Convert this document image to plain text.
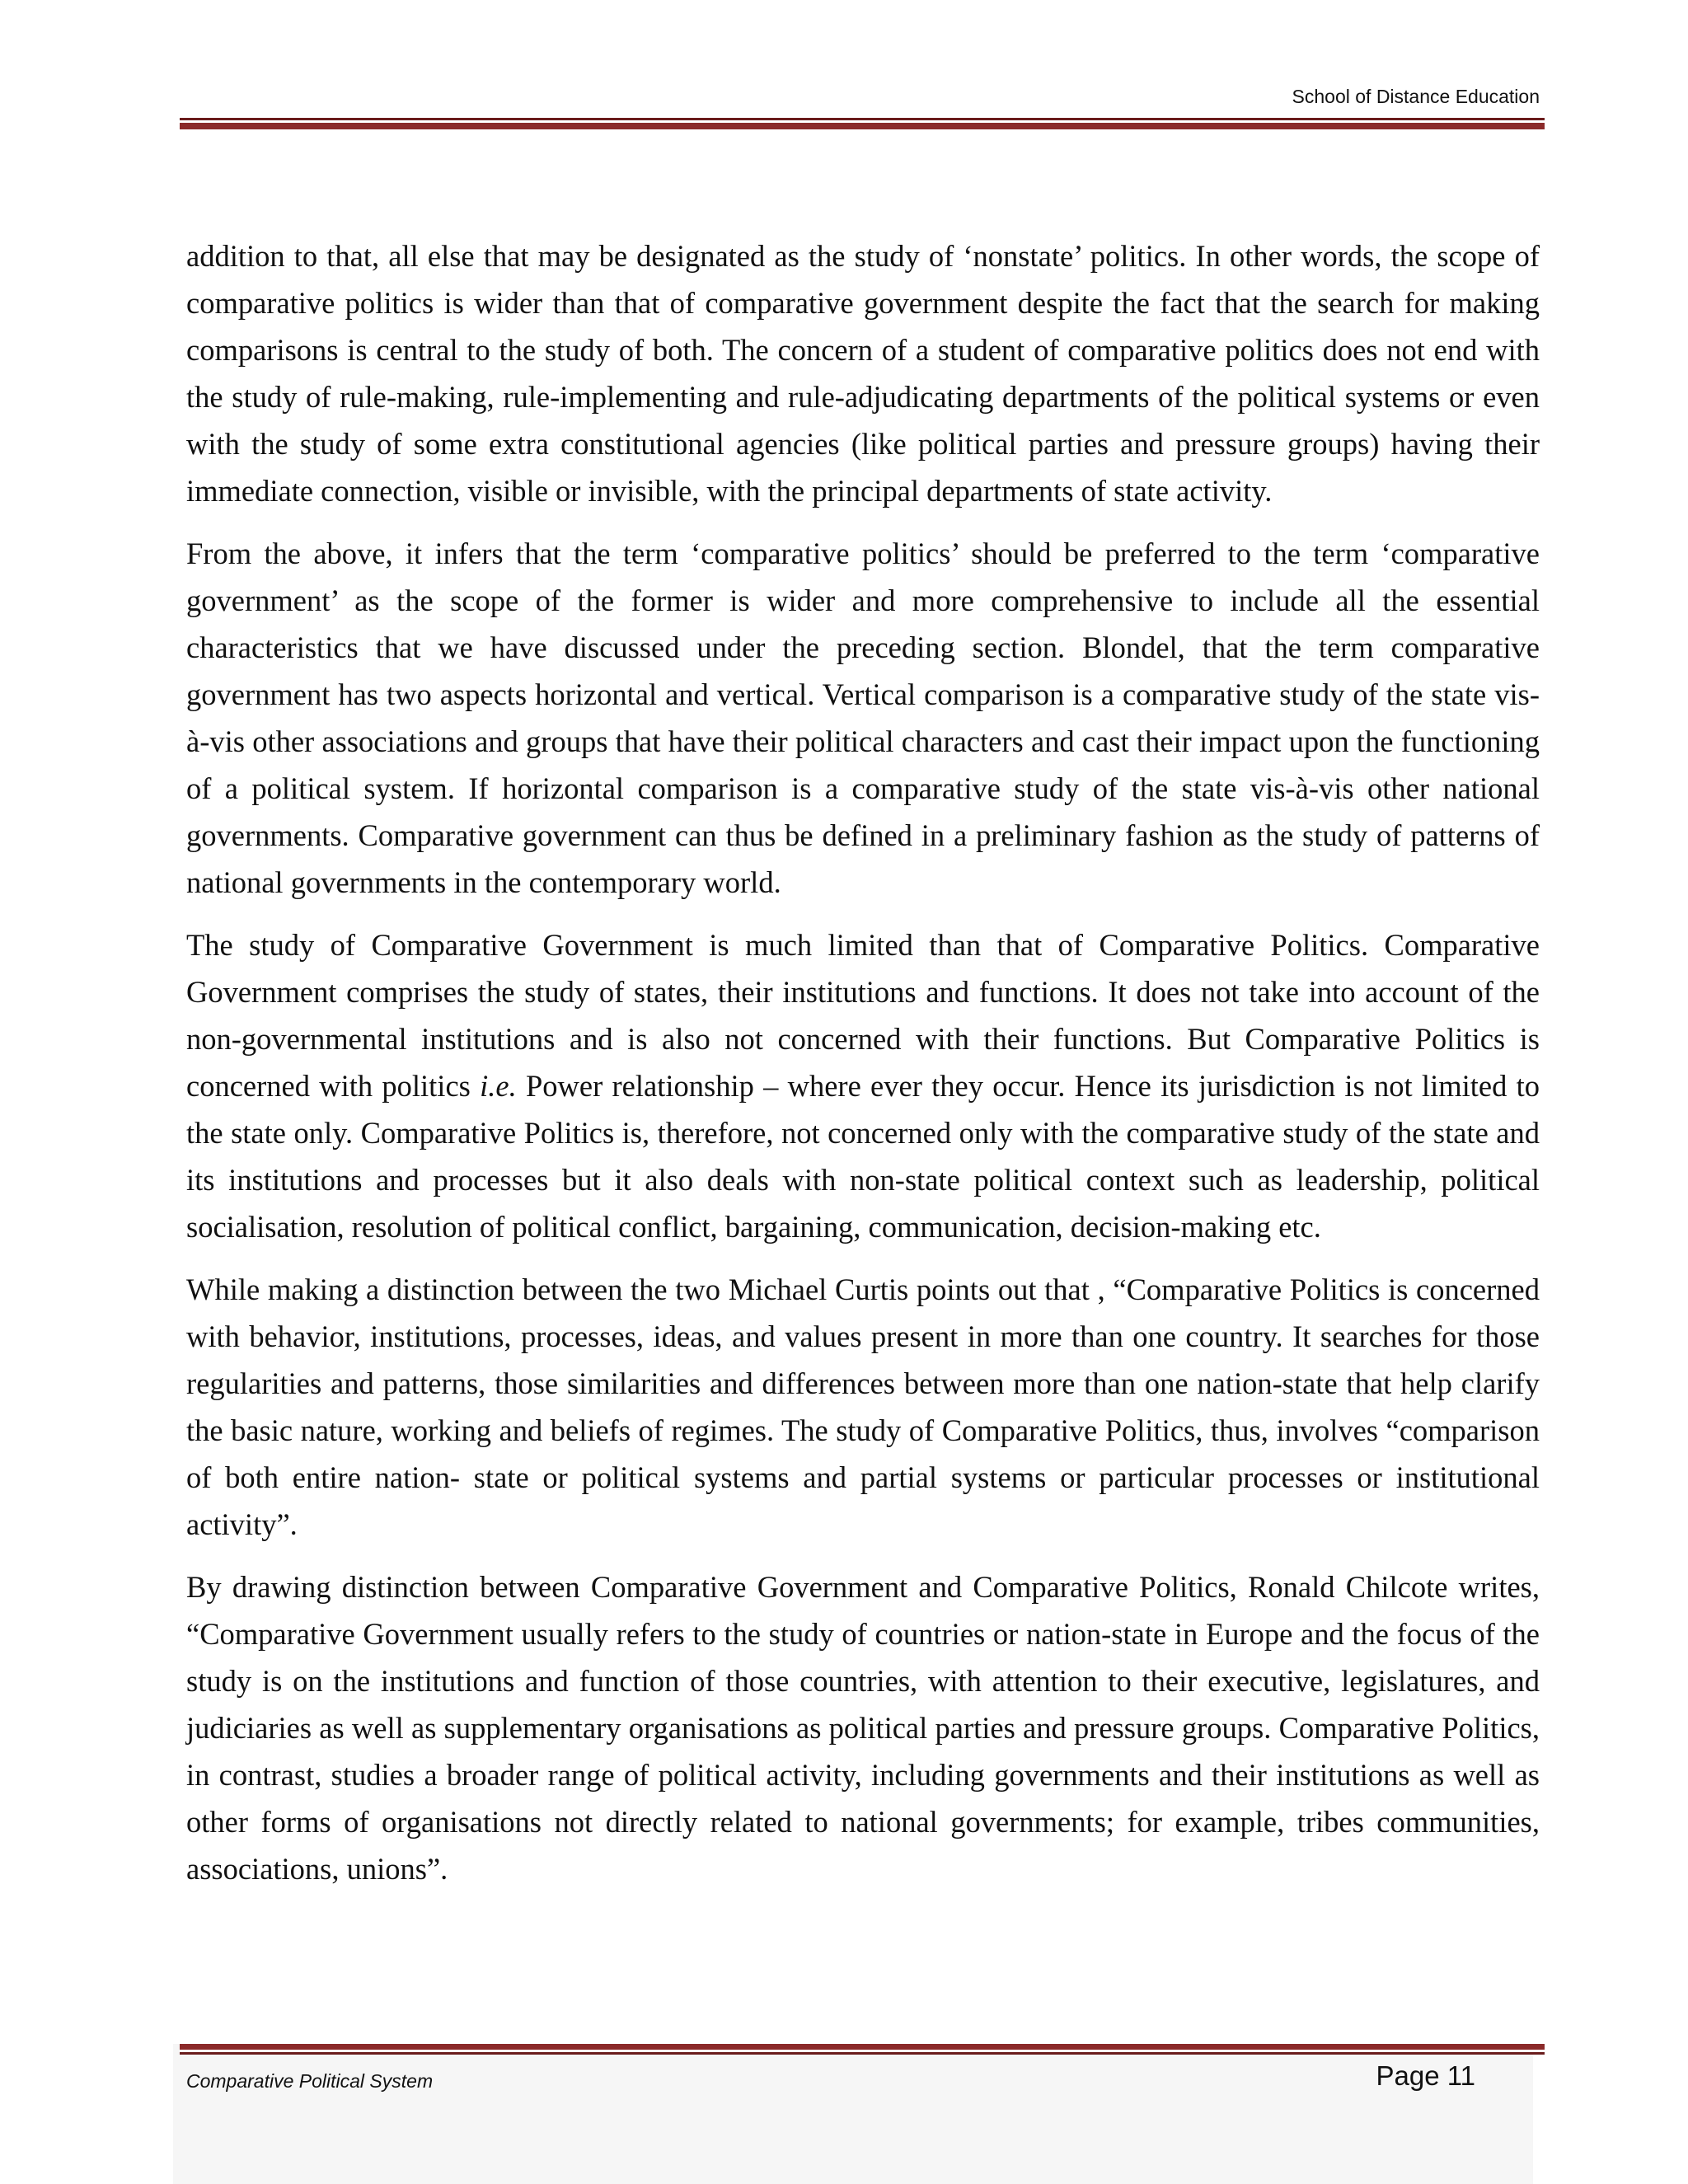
School of Distance Education

addition to that, all else that may be designated as the study of ‘nonstate’ politics. In other words, the scope of comparative politics is wider than that of comparative government despite the fact that the search for making comparisons is central to the study of both. The concern of a student of comparative politics does not end with the study of rule-making, rule-implementing and rule-adjudicating departments of the political systems or even with the study of some extra constitutional agencies (like political parties and pressure groups) having their immediate connection, visible or invisible, with the principal departments of state activity.

From the above, it infers that the term ‘comparative politics’ should be preferred to the term ‘comparative government’ as the scope of the former is wider and more comprehensive to include all the essential characteristics that we have discussed under the preceding section. Blondel, that the term comparative government has two aspects horizontal and vertical. Vertical comparison is a comparative study of the state vis-à-vis other associations and groups that have their political characters and cast their impact upon the functioning of a political system. If horizontal comparison is a comparative study of the state vis-à-vis other national governments. Comparative government can thus be defined in a preliminary fashion as the study of patterns of national governments in the contemporary world.

The study of Comparative Government is much limited than that of Comparative Politics. Comparative Government comprises the study of states, their institutions and functions. It does not take into account of the non-governmental institutions and is also not concerned with their functions. But Comparative Politics is concerned with politics i.e. Power relationship – where ever they occur. Hence its jurisdiction is not limited to the state only. Comparative Politics is, therefore, not concerned only with the comparative study of the state and its institutions and processes but it also deals with non-state political context such as leadership, political socialisation, resolution of political conflict, bargaining, communication, decision-making etc.

While making a distinction between the two Michael Curtis points out that , “Comparative Politics is concerned with behavior, institutions, processes, ideas, and values present in more than one country. It searches for those regularities and patterns, those similarities and differences between more than one nation-state that help clarify the basic nature, working and beliefs of regimes. The study of Comparative Politics, thus, involves “comparison of both entire nation- state or political systems and partial systems or particular processes or institutional activity”.

By drawing distinction between Comparative Government and Comparative Politics, Ronald Chilcote writes, “Comparative Government usually refers to the study of countries or nation-state in Europe and the focus of the study is on the institutions and function of those countries, with attention to their executive, legislatures, and judiciaries as well as supplementary organisations as political parties and pressure groups. Comparative Politics, in contrast, studies a broader range of political activity, including governments and their institutions as well as other forms of organisations not directly related to national governments; for example, tribes communities, associations, unions”.

Comparative Political System	Page 11
